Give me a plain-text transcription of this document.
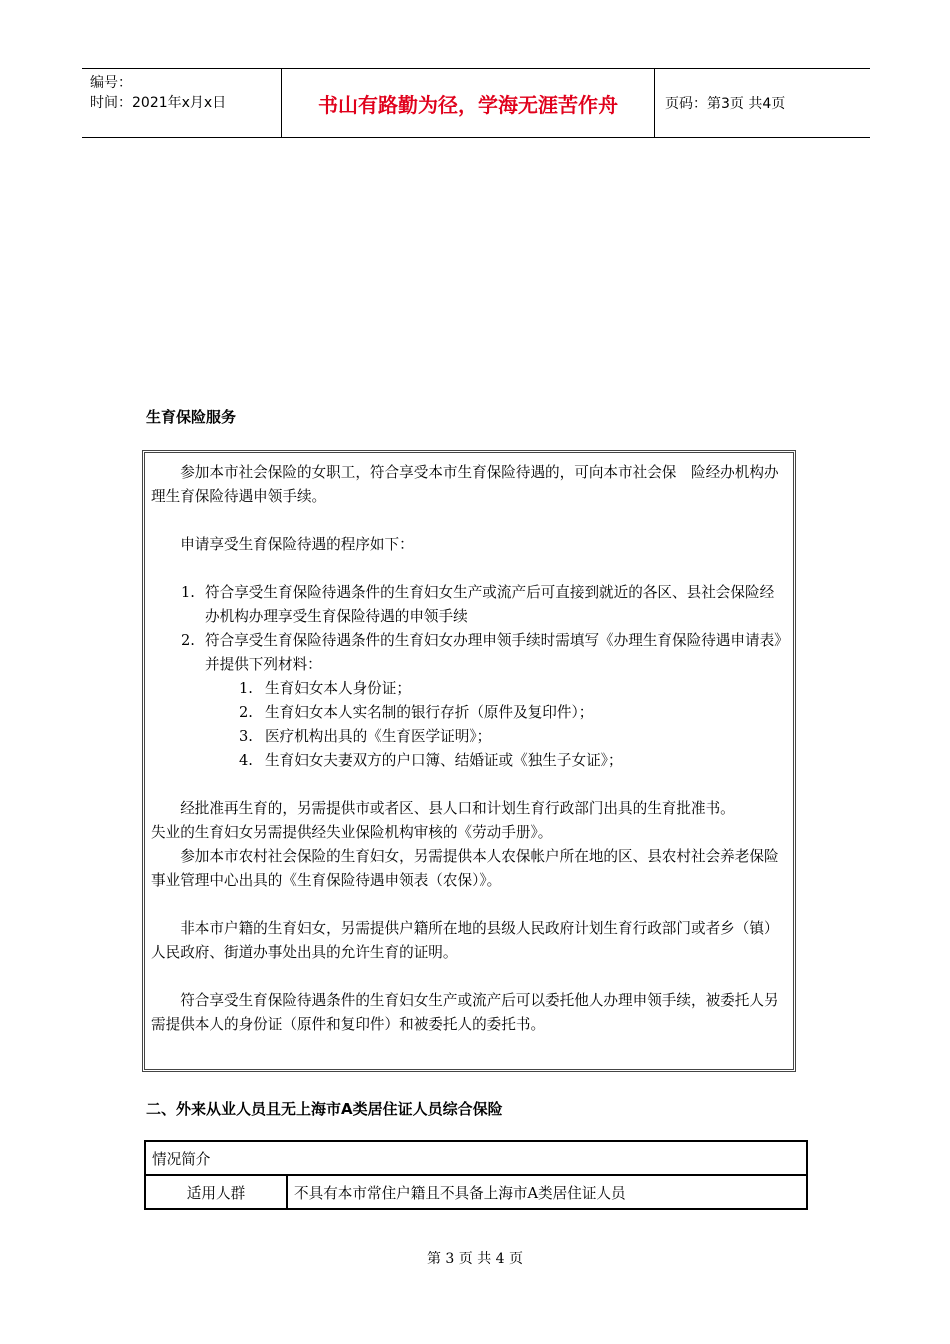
编号：
时间：2021年x月x日	书山有路勤为径，学海无涯苦作舟	页码：第3页 共4页
生育保险服务

参加本市社会保险的女职工，符合享受本市生育保险待遇的，可向本市社会保　险经办机构办理生育保险待遇申领手续。

申请享受生育保险待遇的程序如下：

1. 符合享受生育保险待遇条件的生育妇女生产或流产后可直接到就近的各区、县社会保险经办机构办理享受生育保险待遇的申领手续
2. 符合享受生育保险待遇条件的生育妇女办理申领手续时需填写《办理生育保险待遇申请表》并提供下列材料：
1. 生育妇女本人身份证；
2. 生育妇女本人实名制的银行存折（原件及复印件）；
3. 医疗机构出具的《生育医学证明》；
4. 生育妇女夫妻双方的户口簿、结婚证或《独生子女证》；

经批准再生育的，另需提供市或者区、县人口和计划生育行政部门出具的生育批准书。

失业的生育妇女另需提供经失业保险机构审核的《劳动手册》。

参加本市农村社会保险的生育妇女，另需提供本人农保帐户所在地的区、县农村社会养老保险事业管理中心出具的《生育保险待遇申领表（农保）》。

非本市户籍的生育妇女，另需提供户籍所在地的县级人民政府计划生育行政部门或者乡（镇）人民政府、街道办事处出具的允许生育的证明。

符合享受生育保险待遇条件的生育妇女生产或流产后可以委托他人办理申领手续，被委托人另需提供本人的身份证（原件和复印件）和被委托人的委托书。

二、外来从业人员且无上海市A类居住证人员综合保险
情况简介
适用人群	不具有本市常住户籍且不具备上海市A类居住证人员
第 3 页 共 4 页
